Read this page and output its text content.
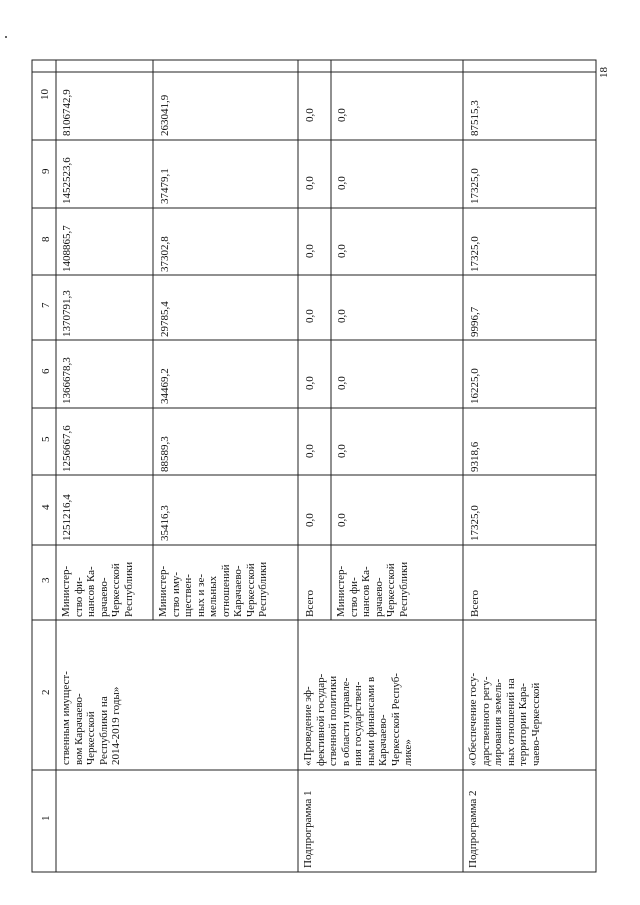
18
1
2
3
4
5
6
7
8
9
10
ственным имущест-
вом Карачаево-
Черкесской
Республики на
2014-2019 годы»
Министер-
ство фи-
нансов Ка-
рачаево-
Черкесской
Республики Министер-
ство иму-
ществен-
ных и зе-
мельных
отношений
Карачаево-
Черкесской
Республики
1251216,4
1256667,6
1366678,3
1370791,3
1408865,7
1452523,6
8106742,9
35416,3
88589,3
34469,2
29785,4
37302,8
37479,1
263041,9
Подпрограмма 1
«Проведение эф-
фективной государ-
ственной политики
в области управле-
ния государствен-
ными финансами в
Карачаево-
Черкесской Респуб-
лике»
Всего Министер-
ство фи-
нансов Ка-
рачаево-
Черкесской
Республики
0,0
0,0
0,0
0,0
0,0
0,0
0,0
0,0
0,0
0,0
0,0
0,0
0,0
0,0
Подпрограмма 2
«Обеспечение госу-
дарственного регу-
лирования земель-
ных отношений на
территории Кара-
чаево-Черкесской
Всего
17325,0
9318,6
16225,0
9996,7
17325,0
17325,0
87515,3
